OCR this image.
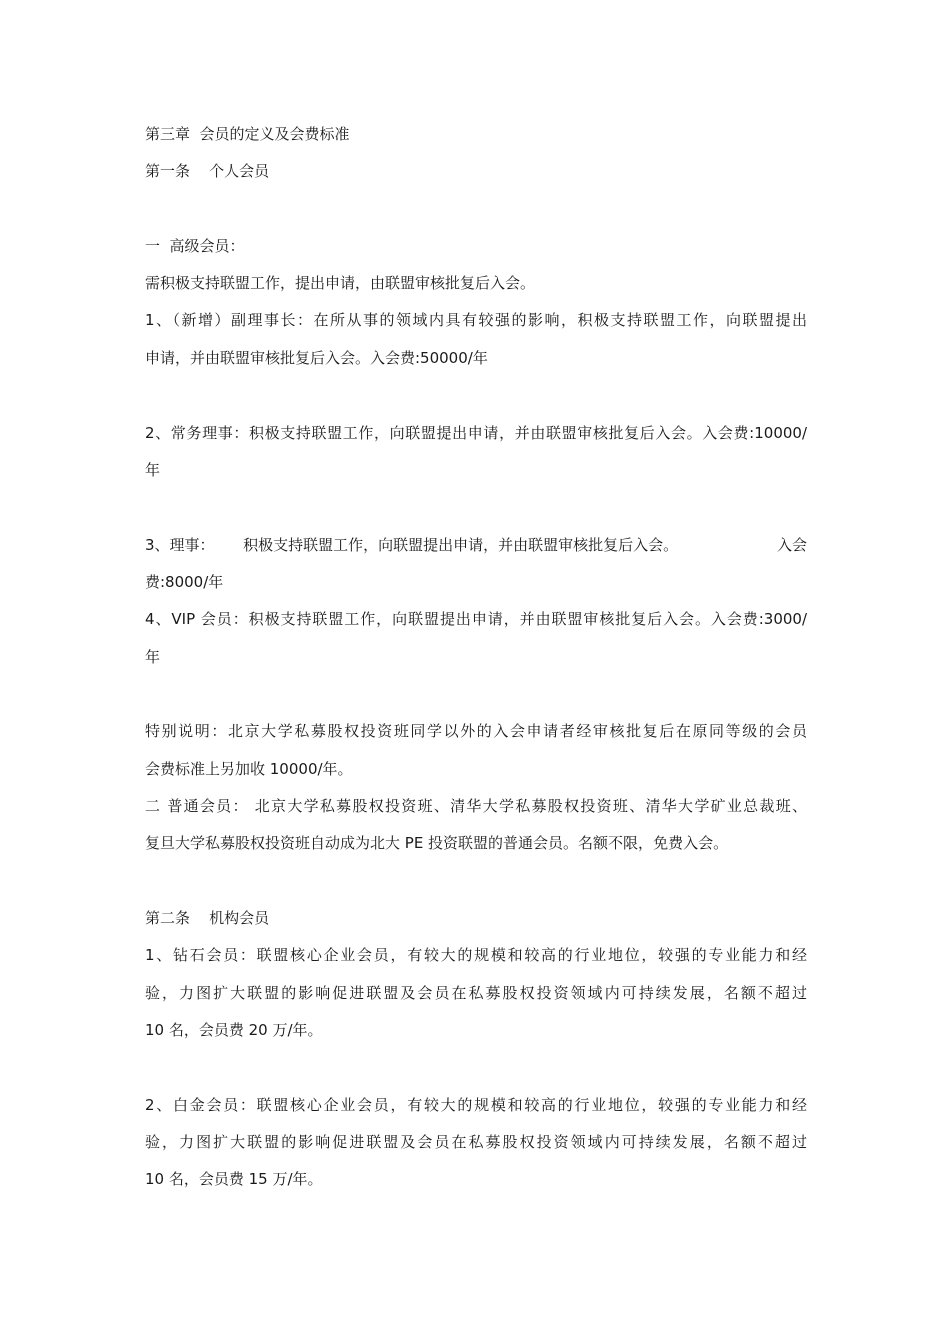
第三章  会员的定义及会费标准

第一条    个人会员

一  高级会员：

需积极支持联盟工作，提出申请，由联盟审核批复后入会。

1、（新增）副理事长：在所从事的领域内具有较强的影响，积极支持联盟工作，向联盟提出

申请，并由联盟审核批复后入会。入会费:50000/年

2、常务理事：积极支持联盟工作，向联盟提出申请，并由联盟审核批复后入会。入会费:10000/

年

3、理事：      积极支持联盟工作，向联盟提出申请，并由联盟审核批复后入会。	入会

费:8000/年

4、VIP 会员：积极支持联盟工作，向联盟提出申请，并由联盟审核批复后入会。入会费:3000/

年

特别说明：北京大学私募股权投资班同学以外的入会申请者经审核批复后在原同等级的会员

会费标准上另加收 10000/年。

二 普通会员： 北京大学私募股权投资班、清华大学私募股权投资班、清华大学矿业总裁班、

复旦大学私募股权投资班自动成为北大 PE 投资联盟的普通会员。名额不限，免费入会。

第二条    机构会员

1、钻石会员：联盟核心企业会员，有较大的规模和较高的行业地位，较强的专业能力和经

验，力图扩大联盟的影响促进联盟及会员在私募股权投资领域内可持续发展，名额不超过

10 名，会员费 20 万/年。

2、白金会员：联盟核心企业会员，有较大的规模和较高的行业地位，较强的专业能力和经

验，力图扩大联盟的影响促进联盟及会员在私募股权投资领域内可持续发展，名额不超过

10 名，会员费 15 万/年。
